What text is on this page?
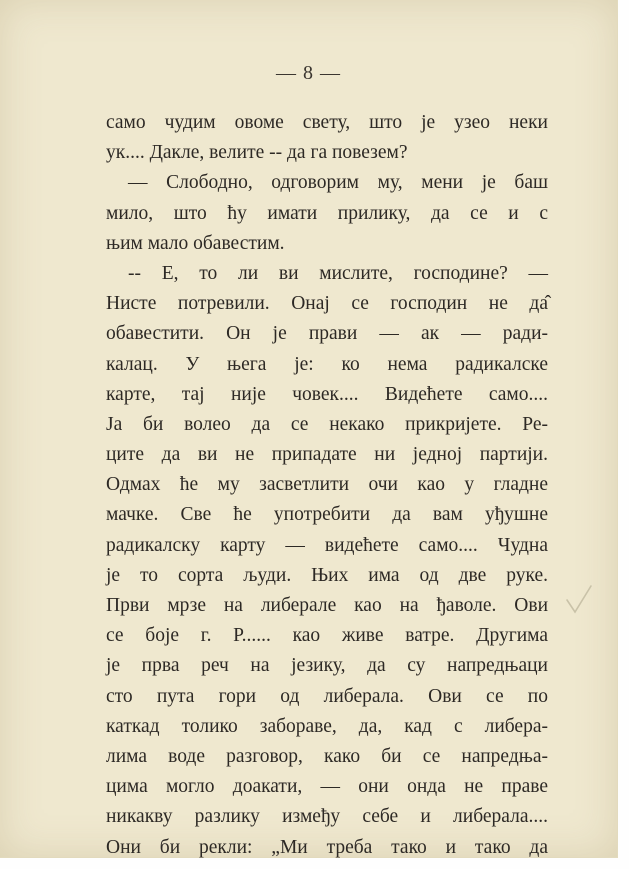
— 8 —
само чудим овоме свету, што је узео неки
ук.... Дакле, велите -- да га повезем?
— Слободно, одговорим му, мени је баш
мило, што ћу имати прилику, да се и с
њим мало обавестим.
-- Е, то ли ви мислите, господине? —
Нисте потревили. Онај се господин не да̂
обавестити. Он је прави — ак — ради-
калац. У њега је: ко нема радикалске
карте, тај није човек.... Видећете само....
Ја би волео да се некако прикријете. Ре-
ците да ви не припадате ни једној партији.
Одмах ће му засветлити очи као у гладне
мачке. Све ће употребити да вам уђушне
радикалску карту — видећете само.... Чудна
је то сорта људи. Њих има од две руке.
Први мрзе на либерале као на ђаволе. Ови
се боје г. Р...... као живе ватре. Другима
је прва реч на језику, да су напредњаци
сто пута гори од либерала. Ови се по
каткад толико забораве, да, кад с либера-
лима воде разговор, како би се напредња-
цима могло доакати, — они онда не праве
никакву разлику између себе и либерала....
Они би рекли: „Ми треба тако и тако да
